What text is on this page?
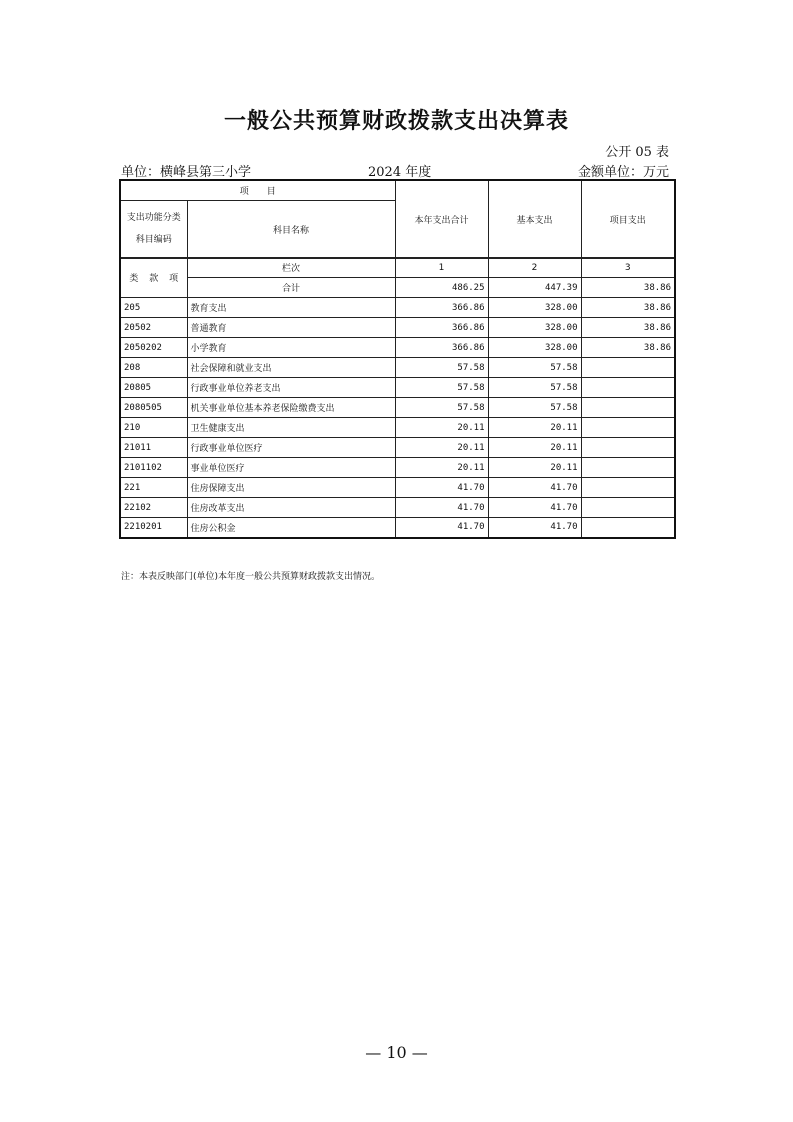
一般公共预算财政拨款支出决算表
公开 05 表
单位：横峰县第三小学	2024 年度	金额单位：万元
项　　目		本年支出合计	基本支出	项目支出

支出功能分类
科目编码	科目名称			
类 款 项	栏次	1	2	3
	合计	486.25	447.39	38.86
205	教育支出	366.86	328.00	38.86
20502	普通教育	366.86	328.00	38.86
2050202	小学教育	366.86	328.00	38.86
208	社会保障和就业支出	57.58	57.58	
20805	行政事业单位养老支出	57.58	57.58	
2080505	机关事业单位基本养老保险缴费支出	57.58	57.58	
210	卫生健康支出	20.11	20.11	
21011	行政事业单位医疗	20.11	20.11	
2101102	事业单位医疗	20.11	20.11	
221	住房保障支出	41.70	41.70	
22102	住房改革支出	41.70	41.70	
2210201	住房公积金	41.70	41.70	
注：本表反映部门(单位)本年度一般公共预算财政拨款支出情况。
— 10 —
